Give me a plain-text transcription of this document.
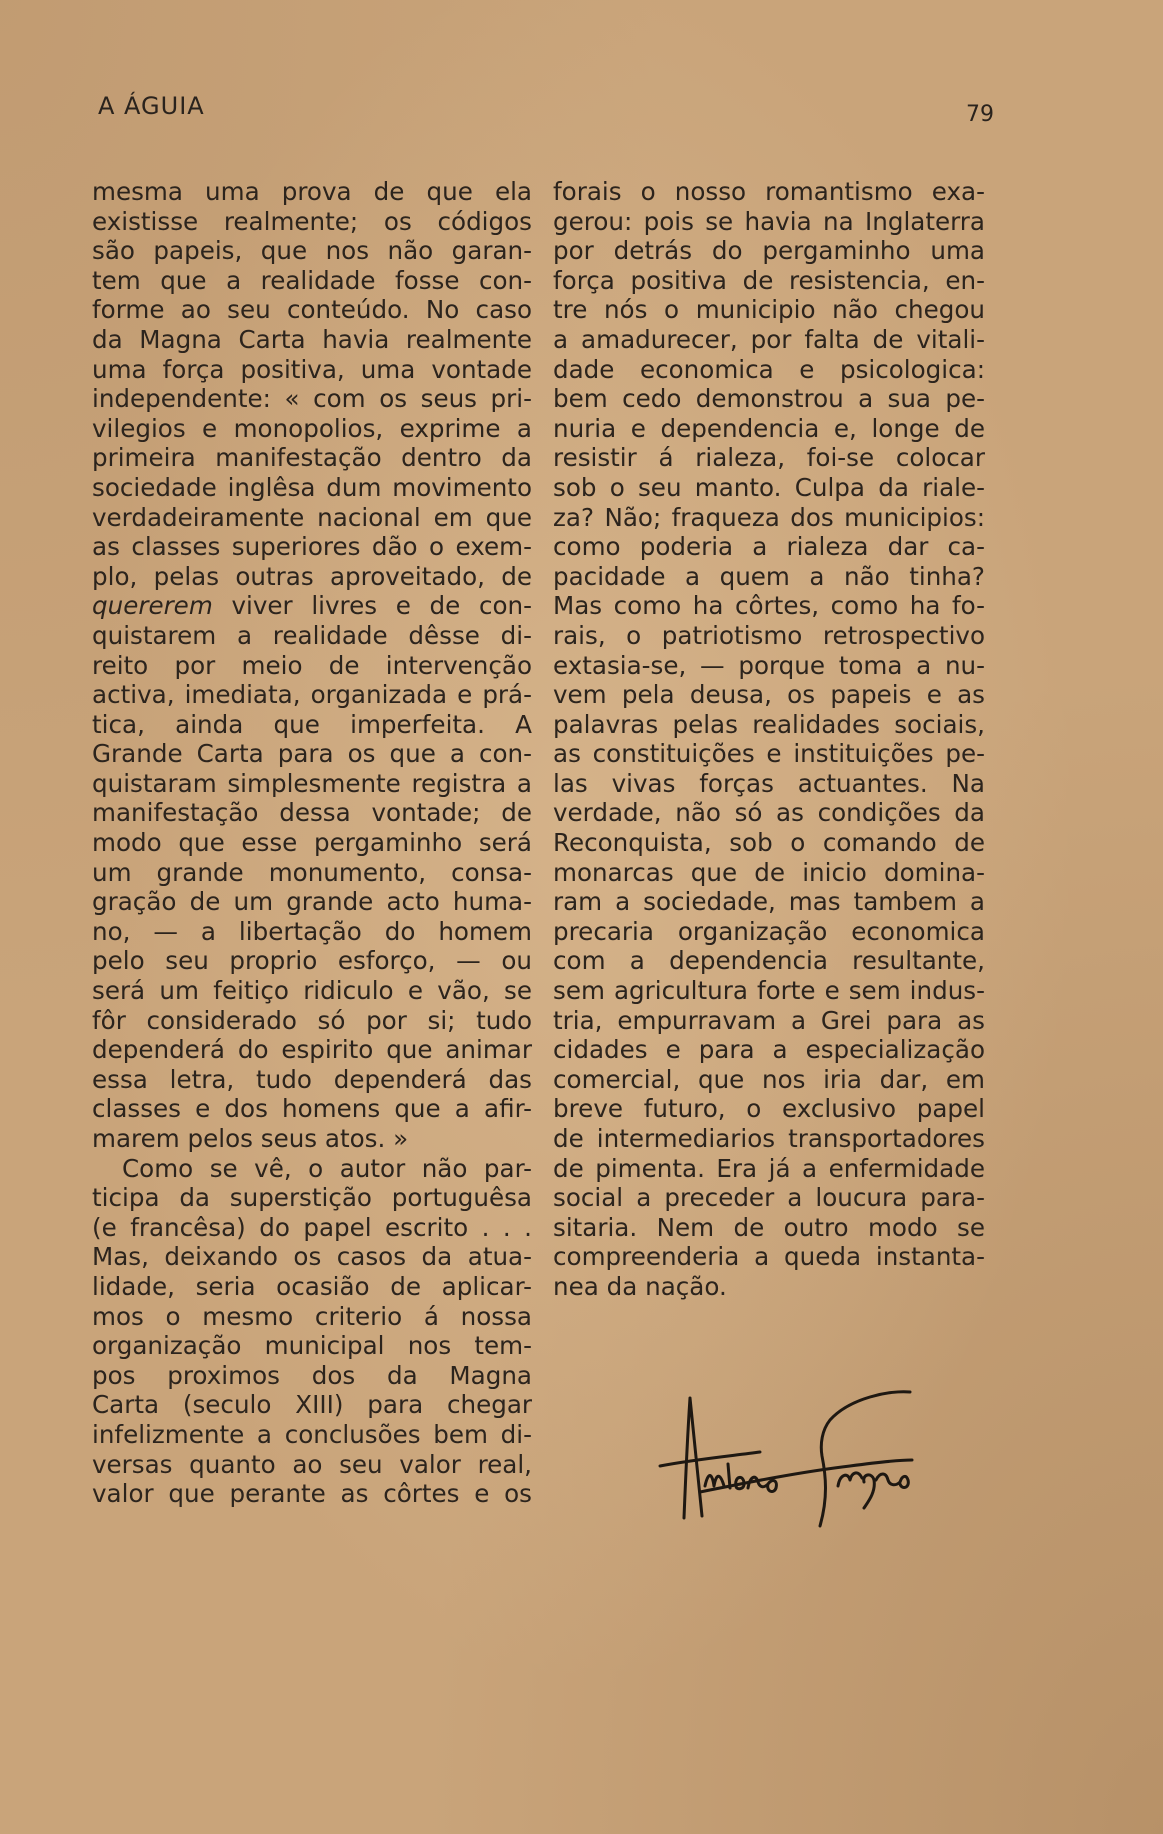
A ÁGUIA	79
mesma uma prova de que ela
existisse realmente; os códigos
são papeis, que nos não garan-
tem que a realidade fosse con-
forme ao seu conteúdo. No caso
da Magna Carta havia realmente
uma força positiva, uma vontade
independente: « com os seus pri-
vilegios e monopolios, exprime a
primeira manifestação dentro da
sociedade inglêsa dum movimento
verdadeiramente nacional em que
as classes superiores dão o exem-
plo, pelas outras aproveitado, de
quererem viver livres e de con-
quistarem a realidade dêsse di-
reito por meio de intervenção
activa, imediata, organizada e prá-
tica, ainda que imperfeita. A
Grande Carta para os que a con-
quistaram simplesmente registra a
manifestação dessa vontade; de
modo que esse pergaminho será
um grande monumento, consa-
gração de um grande acto huma-
no, — a libertação do homem
pelo seu proprio esforço, — ou
será um feitiço ridiculo e vão, se
fôr considerado só por si; tudo
dependerá do espirito que animar
essa letra, tudo dependerá das
classes e dos homens que a afir-
marem pelos seus atos. »
Como se vê, o autor não par-
ticipa da superstição portuguêsa
(e francêsa) do papel escrito . . .
Mas, deixando os casos da atua-
lidade, seria ocasião de aplicar-
mos o mesmo criterio á nossa
organização municipal nos tem-
pos proximos dos da Magna
Carta (seculo XIII) para chegar
infelizmente a conclusões bem di-
versas quanto ao seu valor real,
valor que perante as côrtes e os
forais o nosso romantismo exa-
gerou: pois se havia na Inglaterra
por detrás do pergaminho uma
força positiva de resistencia, en-
tre nós o municipio não chegou
a amadurecer, por falta de vitali-
dade economica e psicologica:
bem cedo demonstrou a sua pe-
nuria e dependencia e, longe de
resistir á rialeza, foi-se colocar
sob o seu manto. Culpa da riale-
za? Não; fraqueza dos municipios:
como poderia a rialeza dar ca-
pacidade a quem a não tinha?
Mas como ha côrtes, como ha fo-
rais, o patriotismo retrospectivo
extasia-se, — porque toma a nu-
vem pela deusa, os papeis e as
palavras pelas realidades sociais,
as constituições e instituições pe-
las vivas forças actuantes. Na
verdade, não só as condições da
Reconquista, sob o comando de
monarcas que de inicio domina-
ram a sociedade, mas tambem a
precaria organização economica
com a dependencia resultante,
sem agricultura forte e sem indus-
tria, empurravam a Grei para as
cidades e para a especialização
comercial, que nos iria dar, em
breve futuro, o exclusivo papel
de intermediarios transportadores
de pimenta. Era já a enfermidade
social a preceder a loucura para-
sitaria. Nem de outro modo se
compreenderia a queda instanta-
nea da nação.
